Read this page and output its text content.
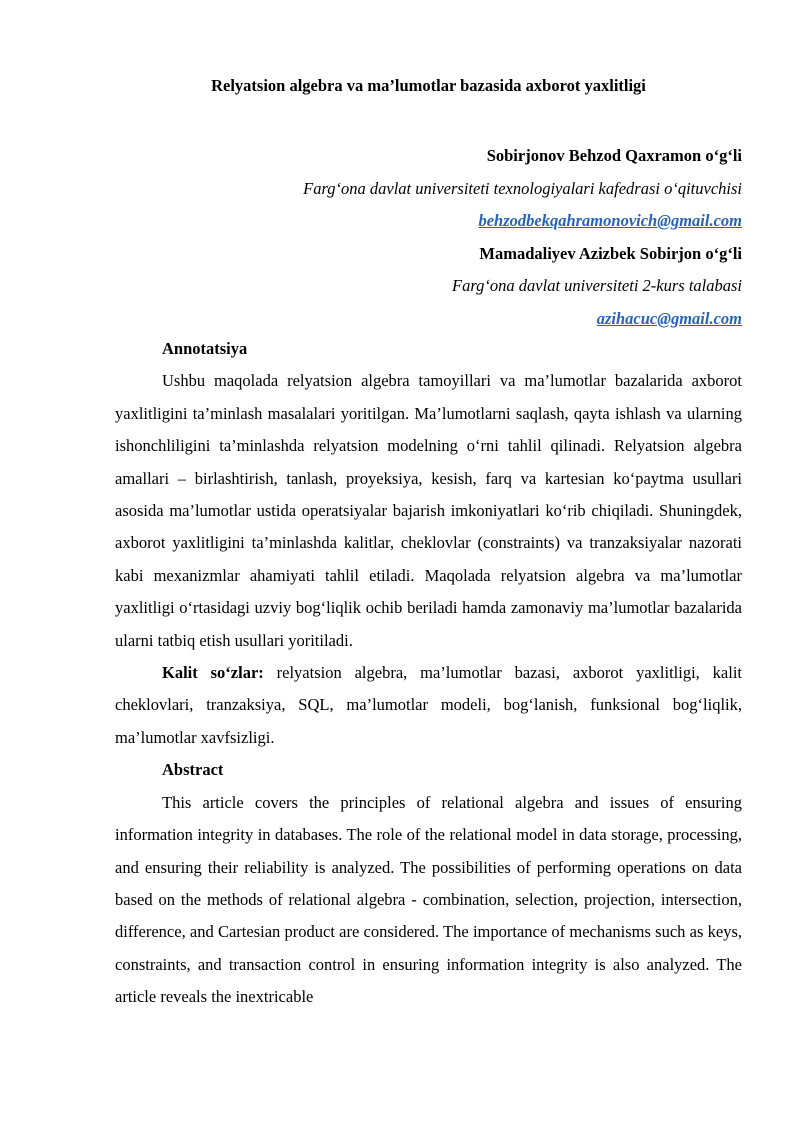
Relyatsion algebra va ma’lumotlar bazasida axborot yaxlitligi
Sobirjonov Behzod Qaxramon o‘g‘li
Farg‘ona davlat universiteti texnologiyalari kafedrasi o‘qituvchisi
behzodbekqahramonovich@gmail.com
Mamadaliyev Azizbek Sobirjon o‘g‘li
Farg‘ona davlat universiteti 2-kurs talabasi
azihacuc@gmail.com

Annotatsiya

Ushbu maqolada relyatsion algebra tamoyillari va ma’lumotlar bazalarida axborot yaxlitligini ta’minlash masalalari yoritilgan. Ma’lumotlarni saqlash, qayta ishlash va ularning ishonchliligini ta’minlashda relyatsion modelning o‘rni tahlil qilinadi. Relyatsion algebra amallari – birlashtirish, tanlash, proyeksiya, kesish, farq va kartesian ko‘paytma usullari asosida ma’lumotlar ustida operatsiyalar bajarish imkoniyatlari ko‘rib chiqiladi. Shuningdek, axborot yaxlitligini ta’minlashda kalitlar, cheklovlar (constraints) va tranzaksiyalar nazorati kabi mexanizmlar ahamiyati tahlil etiladi. Maqolada relyatsion algebra va ma’lumotlar yaxlitligi o‘rtasidagi uzviy bog‘liqlik ochib beriladi hamda zamonaviy ma’lumotlar bazalarida ularni tatbiq etish usullari yoritiladi.

Kalit so‘zlar: relyatsion algebra, ma’lumotlar bazasi, axborot yaxlitligi, kalit cheklovlari, tranzaksiya, SQL, ma’lumotlar modeli, bog‘lanish, funksional bog‘liqlik, ma’lumotlar xavfsizligi.

Abstract

This article covers the principles of relational algebra and issues of ensuring information integrity in databases. The role of the relational model in data storage, processing, and ensuring their reliability is analyzed. The possibilities of performing operations on data based on the methods of relational algebra - combination, selection, projection, intersection, difference, and Cartesian product are considered. The importance of mechanisms such as keys, constraints, and transaction control in ensuring information integrity is also analyzed. The article reveals the inextricable
